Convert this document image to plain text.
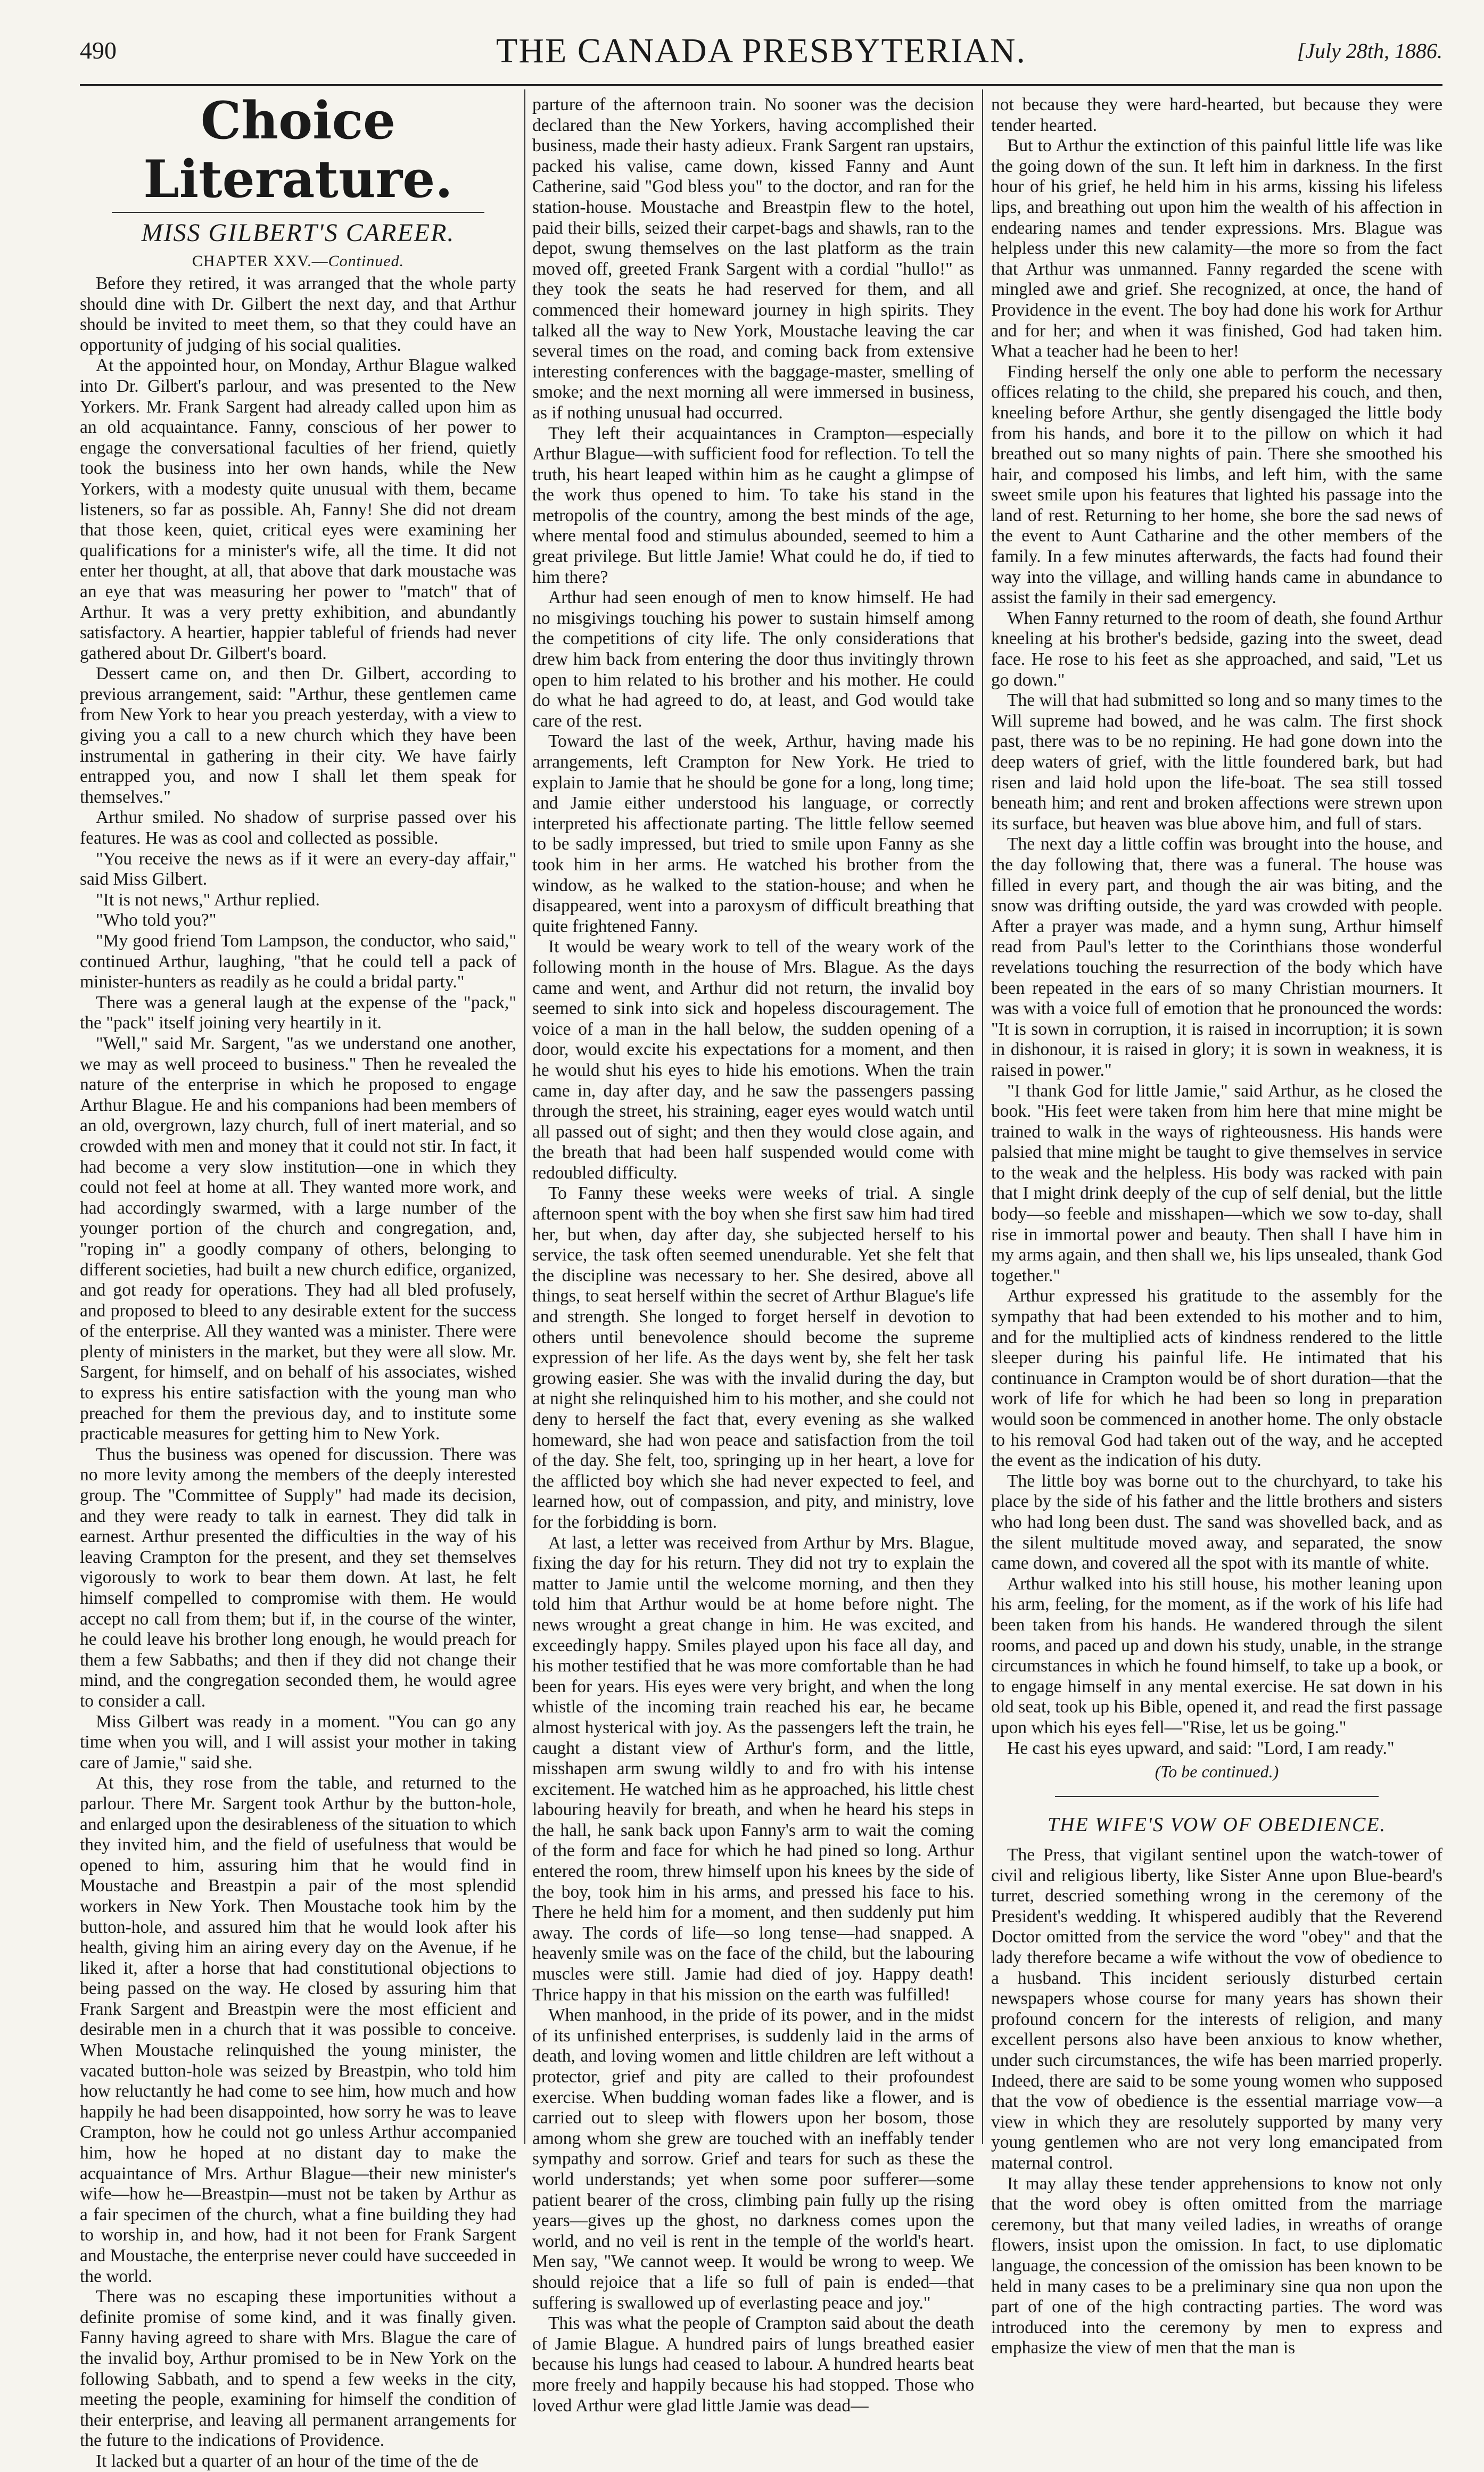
490	THE CANADA PRESBYTERIAN.	[July 28th, 1886.
Choice Literature.
MISS GILBERT'S CAREER.
CHAPTER XXV.—Continued.

Before they retired, it was arranged that the whole party should dine with Dr. Gilbert the next day, and that Arthur should be invited to meet them, so that they could have an opportunity of judging of his social qualities.

At the appointed hour, on Monday, Arthur Blague walked into Dr. Gilbert's parlour, and was presented to the New Yorkers. Mr. Frank Sargent had already called upon him as an old acquaintance. Fanny, conscious of her power to engage the conversational faculties of her friend, quietly took the business into her own hands, while the New Yorkers, with a modesty quite unusual with them, became listeners, so far as possible. Ah, Fanny! She did not dream that those keen, quiet, critical eyes were examining her qualifications for a minister's wife, all the time. It did not enter her thought, at all, that above that dark moustache was an eye that was measuring her power to "match" that of Arthur. It was a very pretty exhibition, and abundantly satisfactory. A heartier, happier tableful of friends had never gathered about Dr. Gilbert's board.

Dessert came on, and then Dr. Gilbert, according to previous arrangement, said: "Arthur, these gentlemen came from New York to hear you preach yesterday, with a view to giving you a call to a new church which they have been instrumental in gathering in their city. We have fairly entrapped you, and now I shall let them speak for themselves."

Arthur smiled. No shadow of surprise passed over his features. He was as cool and collected as possible.

"You receive the news as if it were an every-day affair," said Miss Gilbert.

"It is not news," Arthur replied.

"Who told you?"

"My good friend Tom Lampson, the conductor, who said," continued Arthur, laughing, "that he could tell a pack of minister-hunters as readily as he could a bridal party."

There was a general laugh at the expense of the "pack," the "pack" itself joining very heartily in it.

"Well," said Mr. Sargent, "as we understand one another, we may as well proceed to business." Then he revealed the nature of the enterprise in which he proposed to engage Arthur Blague. He and his companions had been members of an old, overgrown, lazy church, full of inert material, and so crowded with men and money that it could not stir. In fact, it had become a very slow institution—one in which they could not feel at home at all. They wanted more work, and had accordingly swarmed, with a large number of the younger portion of the church and congregation, and, "roping in" a goodly company of others, belonging to different societies, had built a new church edifice, organized, and got ready for operations. They had all bled profusely, and proposed to bleed to any desirable extent for the success of the enterprise. All they wanted was a minister. There were plenty of ministers in the market, but they were all slow. Mr. Sargent, for himself, and on behalf of his associates, wished to express his entire satisfaction with the young man who preached for them the previous day, and to institute some practicable measures for getting him to New York.

Thus the business was opened for discussion. There was no more levity among the members of the deeply interested group. The "Committee of Supply" had made its decision, and they were ready to talk in earnest. They did talk in earnest. Arthur presented the difficulties in the way of his leaving Crampton for the present, and they set themselves vigorously to work to bear them down. At last, he felt himself compelled to compromise with them. He would accept no call from them; but if, in the course of the winter, he could leave his brother long enough, he would preach for them a few Sabbaths; and then if they did not change their mind, and the congregation seconded them, he would agree to consider a call.

Miss Gilbert was ready in a moment. "You can go any time when you will, and I will assist your mother in taking care of Jamie," said she.

At this, they rose from the table, and returned to the parlour. There Mr. Sargent took Arthur by the button-hole, and enlarged upon the desirableness of the situation to which they invited him, and the field of usefulness that would be opened to him, assuring him that he would find in Moustache and Breastpin a pair of the most splendid workers in New York. Then Moustache took him by the button-hole, and assured him that he would look after his health, giving him an airing every day on the Avenue, if he liked it, after a horse that had constitutional objections to being passed on the way. He closed by assuring him that Frank Sargent and Breastpin were the most efficient and desirable men in a church that it was possible to conceive. When Moustache relinquished the young minister, the vacated button-hole was seized by Breastpin, who told him how reluctantly he had come to see him, how much and how happily he had been disappointed, how sorry he was to leave Crampton, how he could not go unless Arthur accompanied him, how he hoped at no distant day to make the acquaintance of Mrs. Arthur Blague—their new minister's wife—how he—Breastpin—must not be taken by Arthur as a fair specimen of the church, what a fine building they had to worship in, and how, had it not been for Frank Sargent and Moustache, the enterprise never could have succeeded in the world.

There was no escaping these importunities without a definite promise of some kind, and it was finally given. Fanny having agreed to share with Mrs. Blague the care of the invalid boy, Arthur promised to be in New York on the following Sabbath, and to spend a few weeks in the city, meeting the people, examining for himself the condition of their enterprise, and leaving all permanent arrangements for the future to the indications of Providence.

It lacked but a quarter of an hour of the time of the de

parture of the afternoon train. No sooner was the decision declared than the New Yorkers, having accomplished their business, made their hasty adieux. Frank Sargent ran upstairs, packed his valise, came down, kissed Fanny and Aunt Catherine, said "God bless you" to the doctor, and ran for the station-house. Moustache and Breastpin flew to the hotel, paid their bills, seized their carpet-bags and shawls, ran to the depot, swung themselves on the last platform as the train moved off, greeted Frank Sargent with a cordial "hullo!" as they took the seats he had reserved for them, and all commenced their homeward journey in high spirits. They talked all the way to New York, Moustache leaving the car several times on the road, and coming back from extensive interesting conferences with the baggage-master, smelling of smoke; and the next morning all were immersed in business, as if nothing unusual had occurred.

They left their acquaintances in Crampton—especially Arthur Blague—with sufficient food for reflection. To tell the truth, his heart leaped within him as he caught a glimpse of the work thus opened to him. To take his stand in the metropolis of the country, among the best minds of the age, where mental food and stimulus abounded, seemed to him a great privilege. But little Jamie! What could he do, if tied to him there?

Arthur had seen enough of men to know himself. He had no misgivings touching his power to sustain himself among the competitions of city life. The only considerations that drew him back from entering the door thus invitingly thrown open to him related to his brother and his mother. He could do what he had agreed to do, at least, and God would take care of the rest.

Toward the last of the week, Arthur, having made his arrangements, left Crampton for New York. He tried to explain to Jamie that he should be gone for a long, long time; and Jamie either understood his language, or correctly interpreted his affectionate parting. The little fellow seemed to be sadly impressed, but tried to smile upon Fanny as she took him in her arms. He watched his brother from the window, as he walked to the station-house; and when he disappeared, went into a paroxysm of difficult breathing that quite frightened Fanny.

It would be weary work to tell of the weary work of the following month in the house of Mrs. Blague. As the days came and went, and Arthur did not return, the invalid boy seemed to sink into sick and hopeless discouragement. The voice of a man in the hall below, the sudden opening of a door, would excite his expectations for a moment, and then he would shut his eyes to hide his emotions. When the train came in, day after day, and he saw the passengers passing through the street, his straining, eager eyes would watch until all passed out of sight; and then they would close again, and the breath that had been half suspended would come with redoubled difficulty.

To Fanny these weeks were weeks of trial. A single afternoon spent with the boy when she first saw him had tired her, but when, day after day, she subjected herself to his service, the task often seemed unendurable. Yet she felt that the discipline was necessary to her. She desired, above all things, to seat herself within the secret of Arthur Blague's life and strength. She longed to forget herself in devotion to others until benevolence should become the supreme expression of her life. As the days went by, she felt her task growing easier. She was with the invalid during the day, but at night she relinquished him to his mother, and she could not deny to herself the fact that, every evening as she walked homeward, she had won peace and satisfaction from the toil of the day. She felt, too, springing up in her heart, a love for the afflicted boy which she had never expected to feel, and learned how, out of compassion, and pity, and ministry, love for the forbidding is born.

At last, a letter was received from Arthur by Mrs. Blague, fixing the day for his return. They did not try to explain the matter to Jamie until the welcome morning, and then they told him that Arthur would be at home before night. The news wrought a great change in him. He was excited, and exceedingly happy. Smiles played upon his face all day, and his mother testified that he was more comfortable than he had been for years. His eyes were very bright, and when the long whistle of the incoming train reached his ear, he became almost hysterical with joy. As the passengers left the train, he caught a distant view of Arthur's form, and the little, misshapen arm swung wildly to and fro with his intense excitement. He watched him as he approached, his little chest labouring heavily for breath, and when he heard his steps in the hall, he sank back upon Fanny's arm to wait the coming of the form and face for which he had pined so long. Arthur entered the room, threw himself upon his knees by the side of the boy, took him in his arms, and pressed his face to his. There he held him for a moment, and then suddenly put him away. The cords of life—so long tense—had snapped. A heavenly smile was on the face of the child, but the labouring muscles were still. Jamie had died of joy. Happy death! Thrice happy in that his mission on the earth was fulfilled!

When manhood, in the pride of its power, and in the midst of its unfinished enterprises, is suddenly laid in the arms of death, and loving women and little children are left without a protector, grief and pity are called to their profoundest exercise. When budding woman fades like a flower, and is carried out to sleep with flowers upon her bosom, those among whom she grew are touched with an ineffably tender sympathy and sorrow. Grief and tears for such as these the world understands; yet when some poor sufferer—some patient bearer of the cross, climbing pain fully up the rising years—gives up the ghost, no darkness comes upon the world, and no veil is rent in the temple of the world's heart. Men say, "We cannot weep. It would be wrong to weep. We should rejoice that a life so full of pain is ended—that suffering is swallowed up of everlasting peace and joy."

This was what the people of Crampton said about the death of Jamie Blague. A hundred pairs of lungs breathed easier because his lungs had ceased to labour. A hundred hearts beat more freely and happily because his had stopped. Those who loved Arthur were glad little Jamie was dead—

not because they were hard-hearted, but because they were tender hearted.

But to Arthur the extinction of this painful little life was like the going down of the sun. It left him in darkness. In the first hour of his grief, he held him in his arms, kissing his lifeless lips, and breathing out upon him the wealth of his affection in endearing names and tender expressions. Mrs. Blague was helpless under this new calamity—the more so from the fact that Arthur was unmanned. Fanny regarded the scene with mingled awe and grief. She recognized, at once, the hand of Providence in the event. The boy had done his work for Arthur and for her; and when it was finished, God had taken him. What a teacher had he been to her!

Finding herself the only one able to perform the necessary offices relating to the child, she prepared his couch, and then, kneeling before Arthur, she gently disengaged the little body from his hands, and bore it to the pillow on which it had breathed out so many nights of pain. There she smoothed his hair, and composed his limbs, and left him, with the same sweet smile upon his features that lighted his passage into the land of rest. Returning to her home, she bore the sad news of the event to Aunt Catharine and the other members of the family. In a few minutes afterwards, the facts had found their way into the village, and willing hands came in abundance to assist the family in their sad emergency.

When Fanny returned to the room of death, she found Arthur kneeling at his brother's bedside, gazing into the sweet, dead face. He rose to his feet as she approached, and said, "Let us go down."

The will that had submitted so long and so many times to the Will supreme had bowed, and he was calm. The first shock past, there was to be no repining. He had gone down into the deep waters of grief, with the little foundered bark, but had risen and laid hold upon the life-boat. The sea still tossed beneath him; and rent and broken affections were strewn upon its surface, but heaven was blue above him, and full of stars.

The next day a little coffin was brought into the house, and the day following that, there was a funeral. The house was filled in every part, and though the air was biting, and the snow was drifting outside, the yard was crowded with people. After a prayer was made, and a hymn sung, Arthur himself read from Paul's letter to the Corinthians those wonderful revelations touching the resurrection of the body which have been repeated in the ears of so many Christian mourners. It was with a voice full of emotion that he pronounced the words: "It is sown in corruption, it is raised in incorruption; it is sown in dishonour, it is raised in glory; it is sown in weakness, it is raised in power."

"I thank God for little Jamie," said Arthur, as he closed the book. "His feet were taken from him here that mine might be trained to walk in the ways of righteousness. His hands were palsied that mine might be taught to give themselves in service to the weak and the helpless. His body was racked with pain that I might drink deeply of the cup of self denial, but the little body—so feeble and misshapen—which we sow to-day, shall rise in immortal power and beauty. Then shall I have him in my arms again, and then shall we, his lips unsealed, thank God together."

Arthur expressed his gratitude to the assembly for the sympathy that had been extended to his mother and to him, and for the multiplied acts of kindness rendered to the little sleeper during his painful life. He intimated that his continuance in Crampton would be of short duration—that the work of life for which he had been so long in preparation would soon be commenced in another home. The only obstacle to his removal God had taken out of the way, and he accepted the event as the indication of his duty.

The little boy was borne out to the churchyard, to take his place by the side of his father and the little brothers and sisters who had long been dust. The sand was shovelled back, and as the silent multitude moved away, and separated, the snow came down, and covered all the spot with its mantle of white.

Arthur walked into his still house, his mother leaning upon his arm, feeling, for the moment, as if the work of his life had been taken from his hands. He wandered through the silent rooms, and paced up and down his study, unable, in the strange circumstances in which he found himself, to take up a book, or to engage himself in any mental exercise. He sat down in his old seat, took up his Bible, opened it, and read the first passage upon which his eyes fell—"Rise, let us be going."

He cast his eyes upward, and said: "Lord, I am ready."

(To be continued.)
THE WIFE'S VOW OF OBEDIENCE.

The Press, that vigilant sentinel upon the watch-tower of civil and religious liberty, like Sister Anne upon Blue-beard's turret, descried something wrong in the ceremony of the President's wedding. It whispered audibly that the Reverend Doctor omitted from the service the word "obey" and that the lady therefore became a wife without the vow of obedience to a husband. This incident seriously disturbed certain newspapers whose course for many years has shown their profound concern for the interests of religion, and many excellent persons also have been anxious to know whether, under such circumstances, the wife has been married properly. Indeed, there are said to be some young women who supposed that the vow of obedience is the essential marriage vow—a view in which they are resolutely supported by many very young gentlemen who are not very long emancipated from maternal control.

It may allay these tender apprehensions to know not only that the word obey is often omitted from the marriage ceremony, but that many veiled ladies, in wreaths of orange flowers, insist upon the omission. In fact, to use diplomatic language, the concession of the omission has been known to be held in many cases to be a preliminary sine qua non upon the part of one of the high contracting parties. The word was introduced into the ceremony by men to express and emphasize the view of men that the man is
